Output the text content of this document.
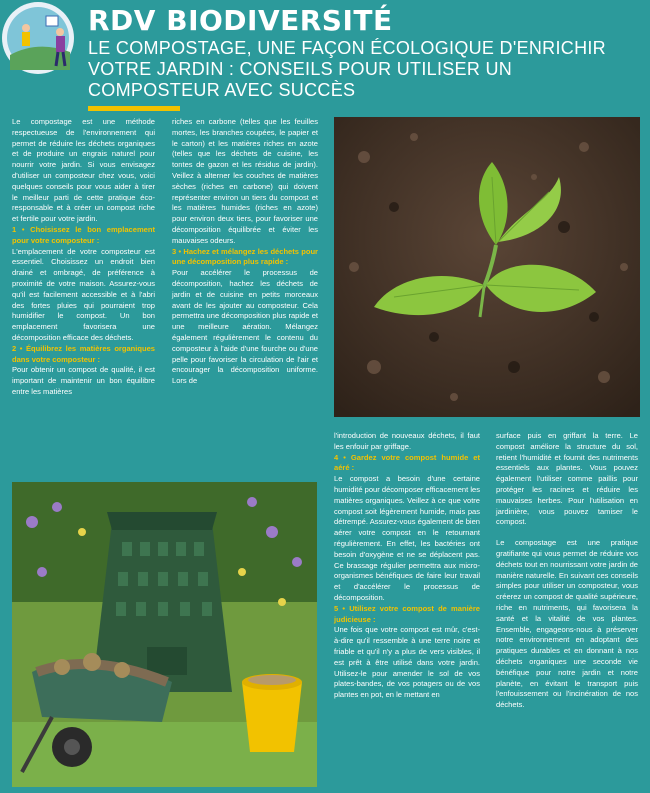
RDV BIODIVERSITÉ
LE COMPOSTAGE, UNE FAÇON ÉCOLOGIQUE D'ENRICHIR VOTRE JARDIN : CONSEILS POUR UTILISER UN COMPOSTEUR AVEC SUCCÈS

Le compostage est une méthode respectueuse de l'environnement qui permet de réduire les déchets organiques et de produire un engrais naturel pour nourrir votre jardin. Si vous envisagez d'utiliser un composteur chez vous, voici quelques conseils pour vous aider à tirer le meilleur parti de cette pratique éco-responsable et à créer un compost riche et fertile pour votre jardin.

1 • Choisissez le bon emplacement pour votre composteur :

L'emplacement de votre composteur est essentiel. Choisissez un endroit bien drainé et ombragé, de préférence à proximité de votre maison. Assurez-vous qu'il est facilement accessible et à l'abri des fortes pluies qui pourraient trop humidifier le compost. Un bon emplacement favorisera une décomposition efficace des déchets.

2 • Équilibrez les matières organiques dans votre composteur :

Pour obtenir un compost de qualité, il est important de maintenir un bon équilibre entre les matières

riches en carbone (telles que les feuilles mortes, les branches coupées, le papier et le carton) et les matières riches en azote (telles que les déchets de cuisine, les tontes de gazon et les résidus de jardin). Veillez à alterner les couches de matières sèches (riches en carbone) qui doivent représenter environ un tiers du compost et les matières humides (riches en azote) pour environ deux tiers, pour favoriser une décomposition équilibrée et éviter les mauvaises odeurs.

3 • Hachez et mélangez les déchets pour une décomposition plus rapide :

Pour accélérer le processus de décomposition, hachez les déchets de jardin et de cuisine en petits morceaux avant de les ajouter au composteur. Cela permettra une décomposition plus rapide et une meilleure aération. Mélangez également régulièrement le contenu du composteur à l'aide d'une fourche ou d'une pelle pour favoriser la circulation de l'air et encourager la décomposition uniforme. Lors de

l'introduction de nouveaux déchets, il faut les enfouir par griffage.

4 • Gardez votre compost humide et aéré :

Le compost a besoin d'une certaine humidité pour décomposer efficacement les matières organiques. Veillez à ce que votre compost soit légèrement humide, mais pas détrempé. Assurez-vous également de bien aérer votre compost en le retournant régulièrement. En effet, les bactéries ont besoin d'oxygène et ne se déplacent pas. Ce brassage régulier permettra aux micro-organismes bénéfiques de faire leur travail et d'accélérer le processus de décomposition.

5 • Utilisez votre compost de manière judicieuse :

Une fois que votre compost est mûr, c'est-à-dire qu'il ressemble à une terre noire et friable et qu'il n'y a plus de vers visibles, il est prêt à être utilisé dans votre jardin. Utilisez-le pour amender le sol de vos plates-bandes, de vos potagers ou de vos plantes en pot, en le mettant en

surface puis en griffant la terre. Le compost améliore la structure du sol, retient l'humidité et fournit des nutriments essentiels aux plantes. Vous pouvez également l'utiliser comme paillis pour protéger les racines et réduire les mauvaises herbes. Pour l'utilisation en jardinière, vous pouvez tamiser le compost.

Le compostage est une pratique gratifiante qui vous permet de réduire vos déchets tout en nourrissant votre jardin de manière naturelle. En suivant ces conseils simples pour utiliser un composteur, vous créerez un compost de qualité supérieure, riche en nutriments, qui favorisera la santé et la vitalité de vos plantes. Ensemble, engageons-nous à préserver notre environnement en adoptant des pratiques durables et en donnant à nos déchets organiques une seconde vie bénéfique pour notre jardin et notre planète, en évitant le transport puis l'enfouissement ou l'incinération de nos déchets.
